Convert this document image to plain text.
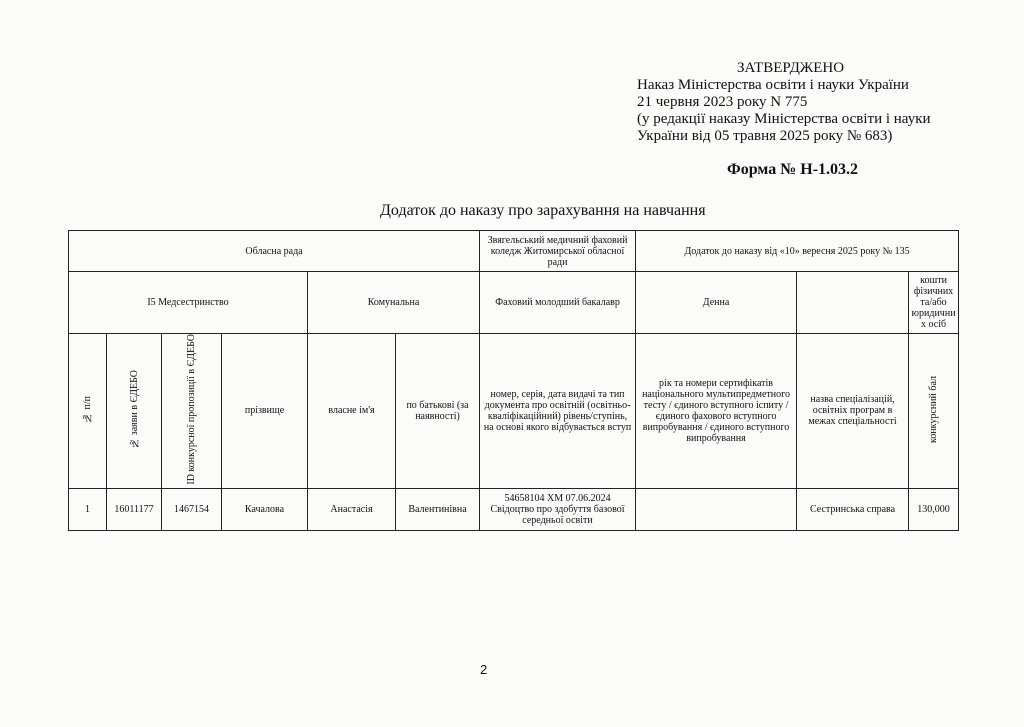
ЗАТВЕРДЖЕНО
Наказ Міністерства освіти і науки України
21 червня 2023 року N 775
(у редакції наказу Міністерства освіти і науки
України від 05 травня 2025 року № 683)
Форма № Н-1.03.2
Додаток до наказу про зарахування на навчання
Обласна рада						Звягельський медичний фаховий коледж Житомирської обласної ради	Додаток до наказу від «10» вересня 2025 року № 135		
І5 Медсестринство				Комунальна		Фаховий молодший бакалавр	Денна		кошти фізичних та/або юридични х осіб
№ п/п	№ заяви в ЄДЕБО	ID конкурсної пропозиції в ЄДЕБО	прізвище	власне ім'я	по батькові (за наявності)	номер, серія, дата видачі та тип документа про освітній (освітньо-кваліфікаційний) рівень/ступінь, на основі якого відбувається вступ	рік та номери сертифікатів національного мультипредметного тесту / єдиного вступного іспиту / єдиного фахового вступного випробування / єдиного вступного випробування	назва спеціалізацій, освітніх програм в межах спеціальності	конкурсний бал
1	16011177	1467154	Качалова	Анастасія	Валентинівна	54658104 ХМ 07.06.2024 Свідоцтво про здобуття базової середньої освіти		Сестринська справа	130,000
2
